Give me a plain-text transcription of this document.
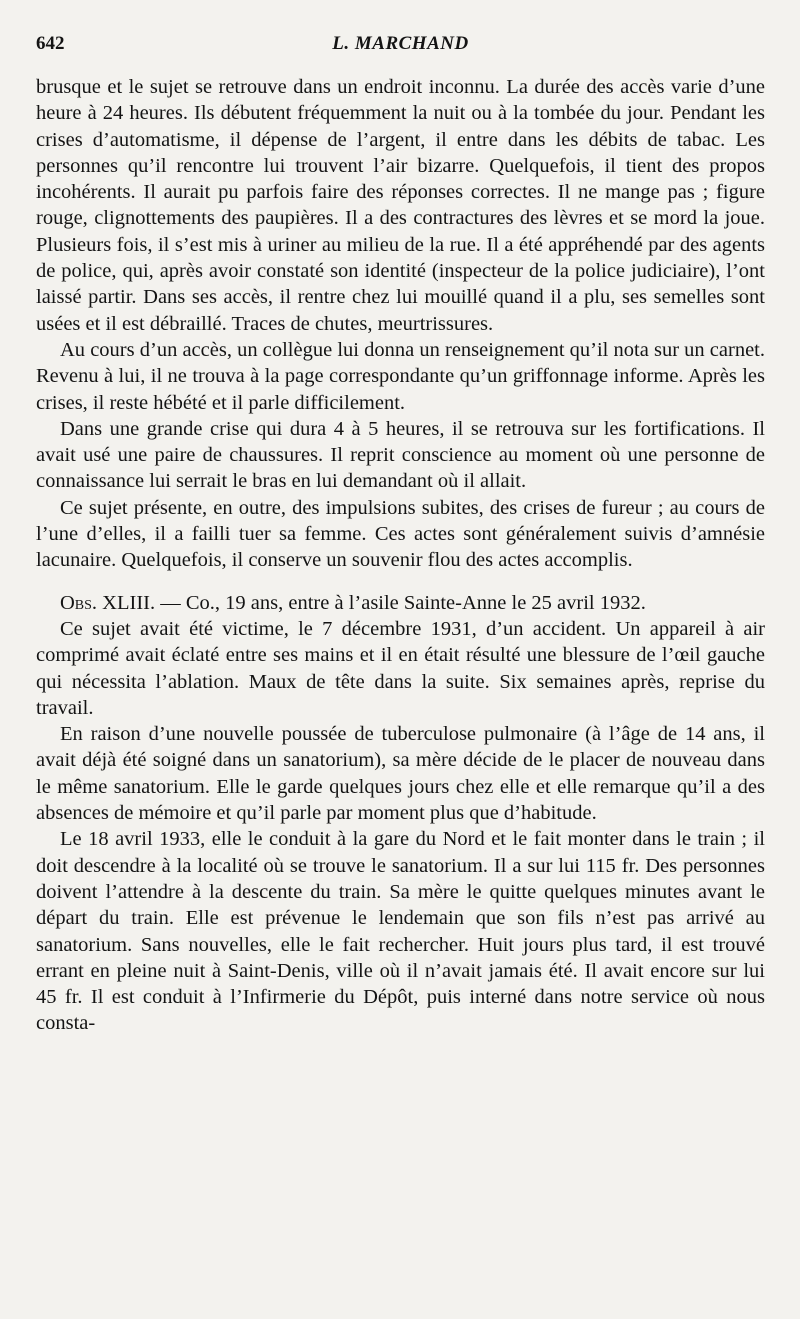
642	L. MARCHAND

brusque et le sujet se retrouve dans un endroit inconnu. La durée des accès varie d’une heure à 24 heures. Ils débutent fréquemment la nuit ou à la tombée du jour. Pendant les crises d’automatisme, il dépense de l’argent, il entre dans les débits de tabac. Les personnes qu’il rencontre lui trouvent l’air bizarre. Quelquefois, il tient des propos incohérents. Il aurait pu parfois faire des réponses correctes. Il ne mange pas ; figure rouge, clignottements des paupières. Il a des contractures des lèvres et se mord la joue. Plusieurs fois, il s’est mis à uriner au milieu de la rue. Il a été appréhendé par des agents de police, qui, après avoir constaté son identité (inspecteur de la police judiciaire), l’ont laissé partir. Dans ses accès, il rentre chez lui mouillé quand il a plu, ses semelles sont usées et il est débraillé. Traces de chutes, meurtrissures.

Au cours d’un accès, un collègue lui donna un renseignement qu’il nota sur un carnet. Revenu à lui, il ne trouva à la page correspondante qu’un griffonnage informe. Après les crises, il reste hébété et il parle difficilement.

Dans une grande crise qui dura 4 à 5 heures, il se retrouva sur les fortifications. Il avait usé une paire de chaussures. Il reprit conscience au moment où une personne de connaissance lui serrait le bras en lui demandant où il allait.

Ce sujet présente, en outre, des impulsions subites, des crises de fureur ; au cours de l’une d’elles, il a failli tuer sa femme. Ces actes sont généralement suivis d’amnésie lacunaire. Quelquefois, il conserve un souvenir flou des actes accomplis.

Obs. XLIII. — Co., 19 ans, entre à l’asile Sainte-Anne le 25 avril 1932.

Ce sujet avait été victime, le 7 décembre 1931, d’un accident. Un appareil à air comprimé avait éclaté entre ses mains et il en était résulté une blessure de l’œil gauche qui nécessita l’ablation. Maux de tête dans la suite. Six semaines après, reprise du travail.

En raison d’une nouvelle poussée de tuberculose pulmonaire (à l’âge de 14 ans, il avait déjà été soigné dans un sanatorium), sa mère décide de le placer de nouveau dans le même sanatorium. Elle le garde quelques jours chez elle et elle remarque qu’il a des absences de mémoire et qu’il parle par moment plus que d’habitude.

Le 18 avril 1933, elle le conduit à la gare du Nord et le fait monter dans le train ; il doit descendre à la localité où se trouve le sanatorium. Il a sur lui 115 fr. Des personnes doivent l’attendre à la descente du train. Sa mère le quitte quelques minutes avant le départ du train. Elle est prévenue le lendemain que son fils n’est pas arrivé au sanatorium. Sans nouvelles, elle le fait rechercher. Huit jours plus tard, il est trouvé errant en pleine nuit à Saint-Denis, ville où il n’avait jamais été. Il avait encore sur lui 45 fr. Il est conduit à l’Infirmerie du Dépôt, puis interné dans notre service où nous consta-
